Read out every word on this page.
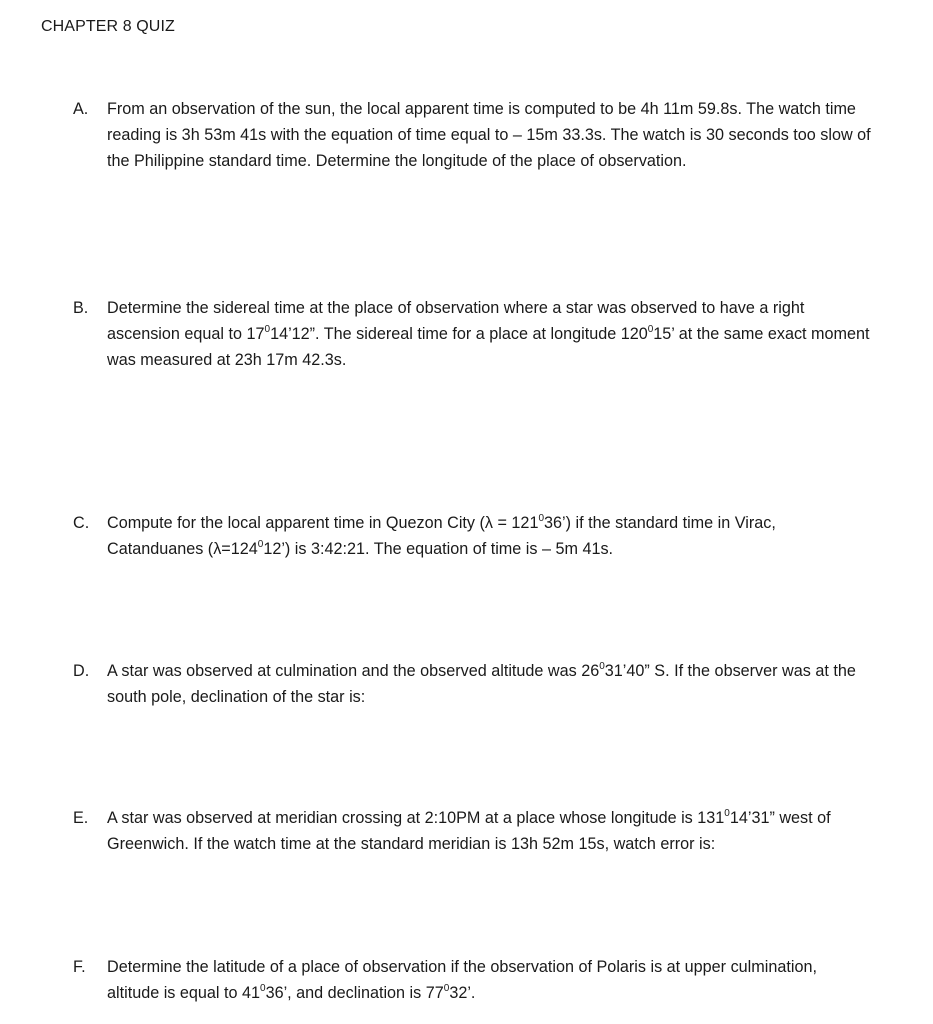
CHAPTER 8 QUIZ
A.	From an observation of the sun, the local apparent time is computed to be 4h 11m 59.8s. The watch time reading is 3h 53m 41s with the equation of time equal to – 15m 33.3s. The watch is 30 seconds too slow of the Philippine standard time. Determine the longitude of the place of observation.
B.	Determine the sidereal time at the place of observation where a star was observed to have a right ascension equal to $17^014’12$”. The sidereal time for a place at longitude $120^015$’ at the same exact moment was measured at 23h 17m 42.3s.
C.	Compute for the local apparent time in Quezon City $(\lambda = 121^036’)$ if the standard time in Virac, Catanduanes $(\lambda=124^012’)$ is 3:42:21. The equation of time is – 5m 41s.
D.	A star was observed at culmination and the observed altitude was $26^031’40$” S. If the observer was at the south pole, declination of the star is:
E.	A star was observed at meridian crossing at 2:10PM at a place whose longitude is $131^014’31$” west of Greenwich. If the watch time at the standard meridian is 13h 52m 15s, watch error is:
F.	Determine the latitude of a place of observation if the observation of Polaris is at upper culmination, altitude is equal to $41^036$’, and declination is $77^032$’.
